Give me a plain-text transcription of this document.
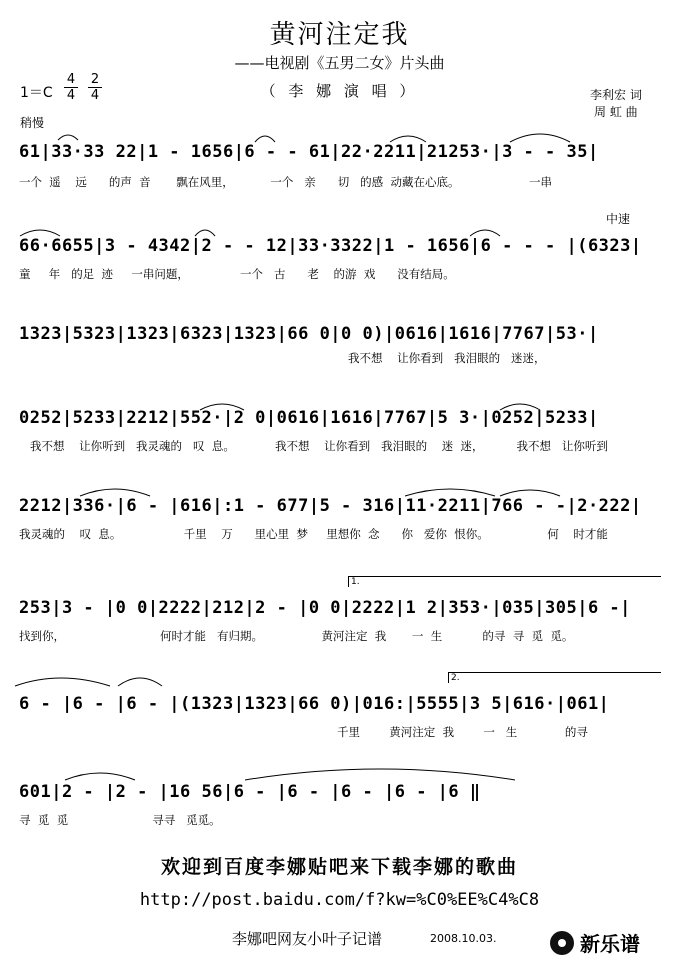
黄河注定我
——电视剧《五男二女》片头曲
（ 李 娜 演 唱 ）
1＝C
4
4
2
4	李利宏 词
周 虹 曲
稍慢
中速
61|33·33 22|1 - 1656|6 - - 61|22·2211|21253·|3 - - 35|
一个  遥    远      的声  音       飘在风里，          一个   亲      切   的感  动藏在心底。                   一串
66·6655|3 - 4342|2 - - 12|33·3322|1 - 1656|6 - - - |(6323|
童     年   的足  迹     一串问题，              一个   古      老    的游  戏      没有结局。
1323|5323|1323|6323|1323|66 0|0 0)|0616|1616|7767|53·|
我不想    让你看到   我泪眼的   迷迷，
0252|5233|2212|552·|2 0|0616|1616|7767|5 3·|0252|5233|
我不想    让你听到   我灵魂的   叹  息。           我不想    让你看到   我泪眼的    迷  迷，         我不想   让你听到
2212|336·|6 - |616|:1 - 677|5 - 316|11·2211|766 - -|2·222|
我灵魂的    叹  息。                 千里    万      里心里  梦     里想你  念      你   爱你  恨你。                何    时才能
1.
253|3 - |0 0|2222|212|2 - |0 0|2222|1 2|353·|035|305|6 -|
找到你，                          何时才能   有归期。                黄河注定  我       一  生           的寻  寻  觅  觅。
2.
6 - |6 - |6 - |(1323|1323|66 0)|016:|5555|3 5|616·|061|
千里        黄河注定  我        一   生             的寻
601|2 - |2 - |16 56|6 - |6 - |6 - |6 - |6 ‖
寻  觅  觅                       寻寻   觅觅。
欢迎到百度李娜贴吧来下载李娜的歌曲
http://post.baidu.com/f?kw=%C0%EE%C4%C8
李娜吧网友小叶子记谱	2008.10.03.	新乐谱
